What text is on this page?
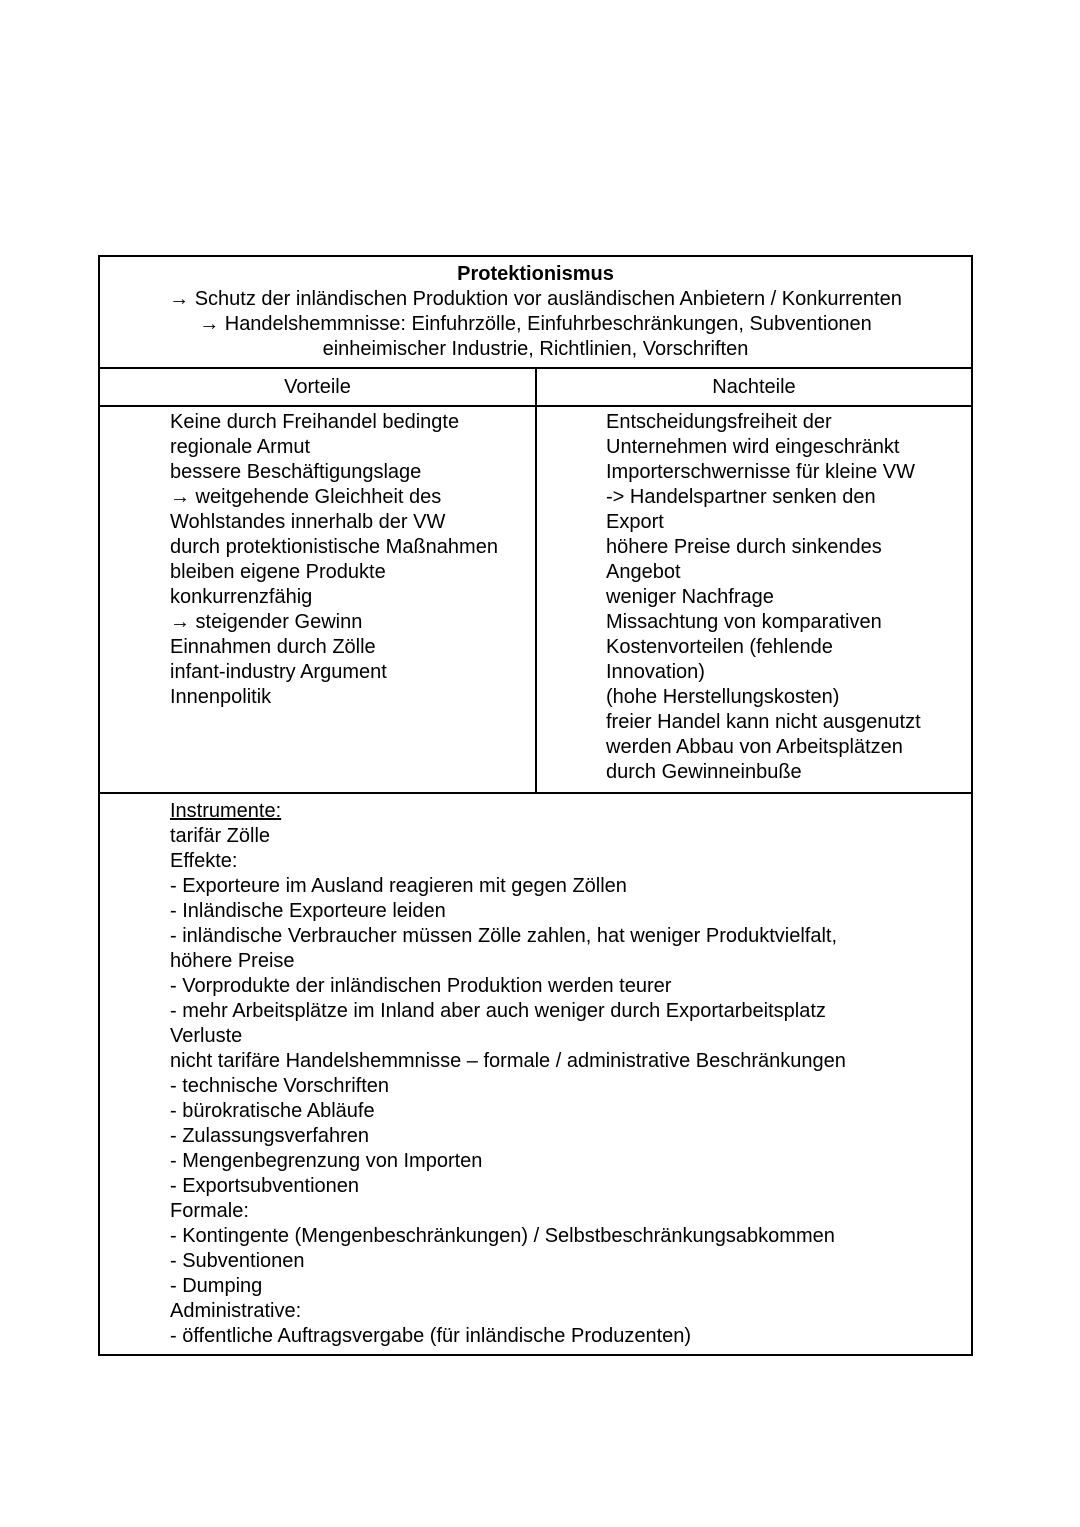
Protektionismus
→ Schutz der inländischen Produktion vor ausländischen Anbietern / Konkurrenten
→ Handelshemmnisse: Einfuhrzölle, Einfuhrbeschränkungen, Subventionen
einheimischer Industrie, Richtlinien, Vorschriften
Vorteile	Nachteile
Keine durch Freihandel bedingte
regionale Armut
bessere Beschäftigungslage
→ weitgehende Gleichheit des
Wohlstandes innerhalb der VW
durch protektionistische Maßnahmen
bleiben eigene Produkte
konkurrenzfähig
→ steigender Gewinn
Einnahmen durch Zölle
infant-industry Argument
Innenpolitik
Entscheidungsfreiheit der
Unternehmen wird eingeschränkt
Importerschwernisse für kleine VW
-> Handelspartner senken den
Export
höhere Preise durch sinkendes
Angebot
weniger Nachfrage
Missachtung von komparativen
Kostenvorteilen (fehlende
Innovation)
(hohe Herstellungskosten)
freier Handel kann nicht ausgenutzt
werden Abbau von Arbeitsplätzen
durch Gewinneinbuße
Instrumente:
tarifär Zölle
Effekte:
- Exporteure im Ausland reagieren mit gegen Zöllen
- Inländische Exporteure leiden
- inländische Verbraucher müssen Zölle zahlen, hat weniger Produktvielfalt,
höhere Preise
- Vorprodukte der inländischen Produktion werden teurer
- mehr Arbeitsplätze im Inland aber auch weniger durch Exportarbeitsplatz
Verluste
nicht tarifäre Handelshemmnisse – formale / administrative Beschränkungen
- technische Vorschriften
- bürokratische Abläufe
- Zulassungsverfahren
- Mengenbegrenzung von Importen
- Exportsubventionen
Formale:
- Kontingente (Mengenbeschränkungen) / Selbstbeschränkungsabkommen
- Subventionen
- Dumping
Administrative:
- öffentliche Auftragsvergabe (für inländische Produzenten)
